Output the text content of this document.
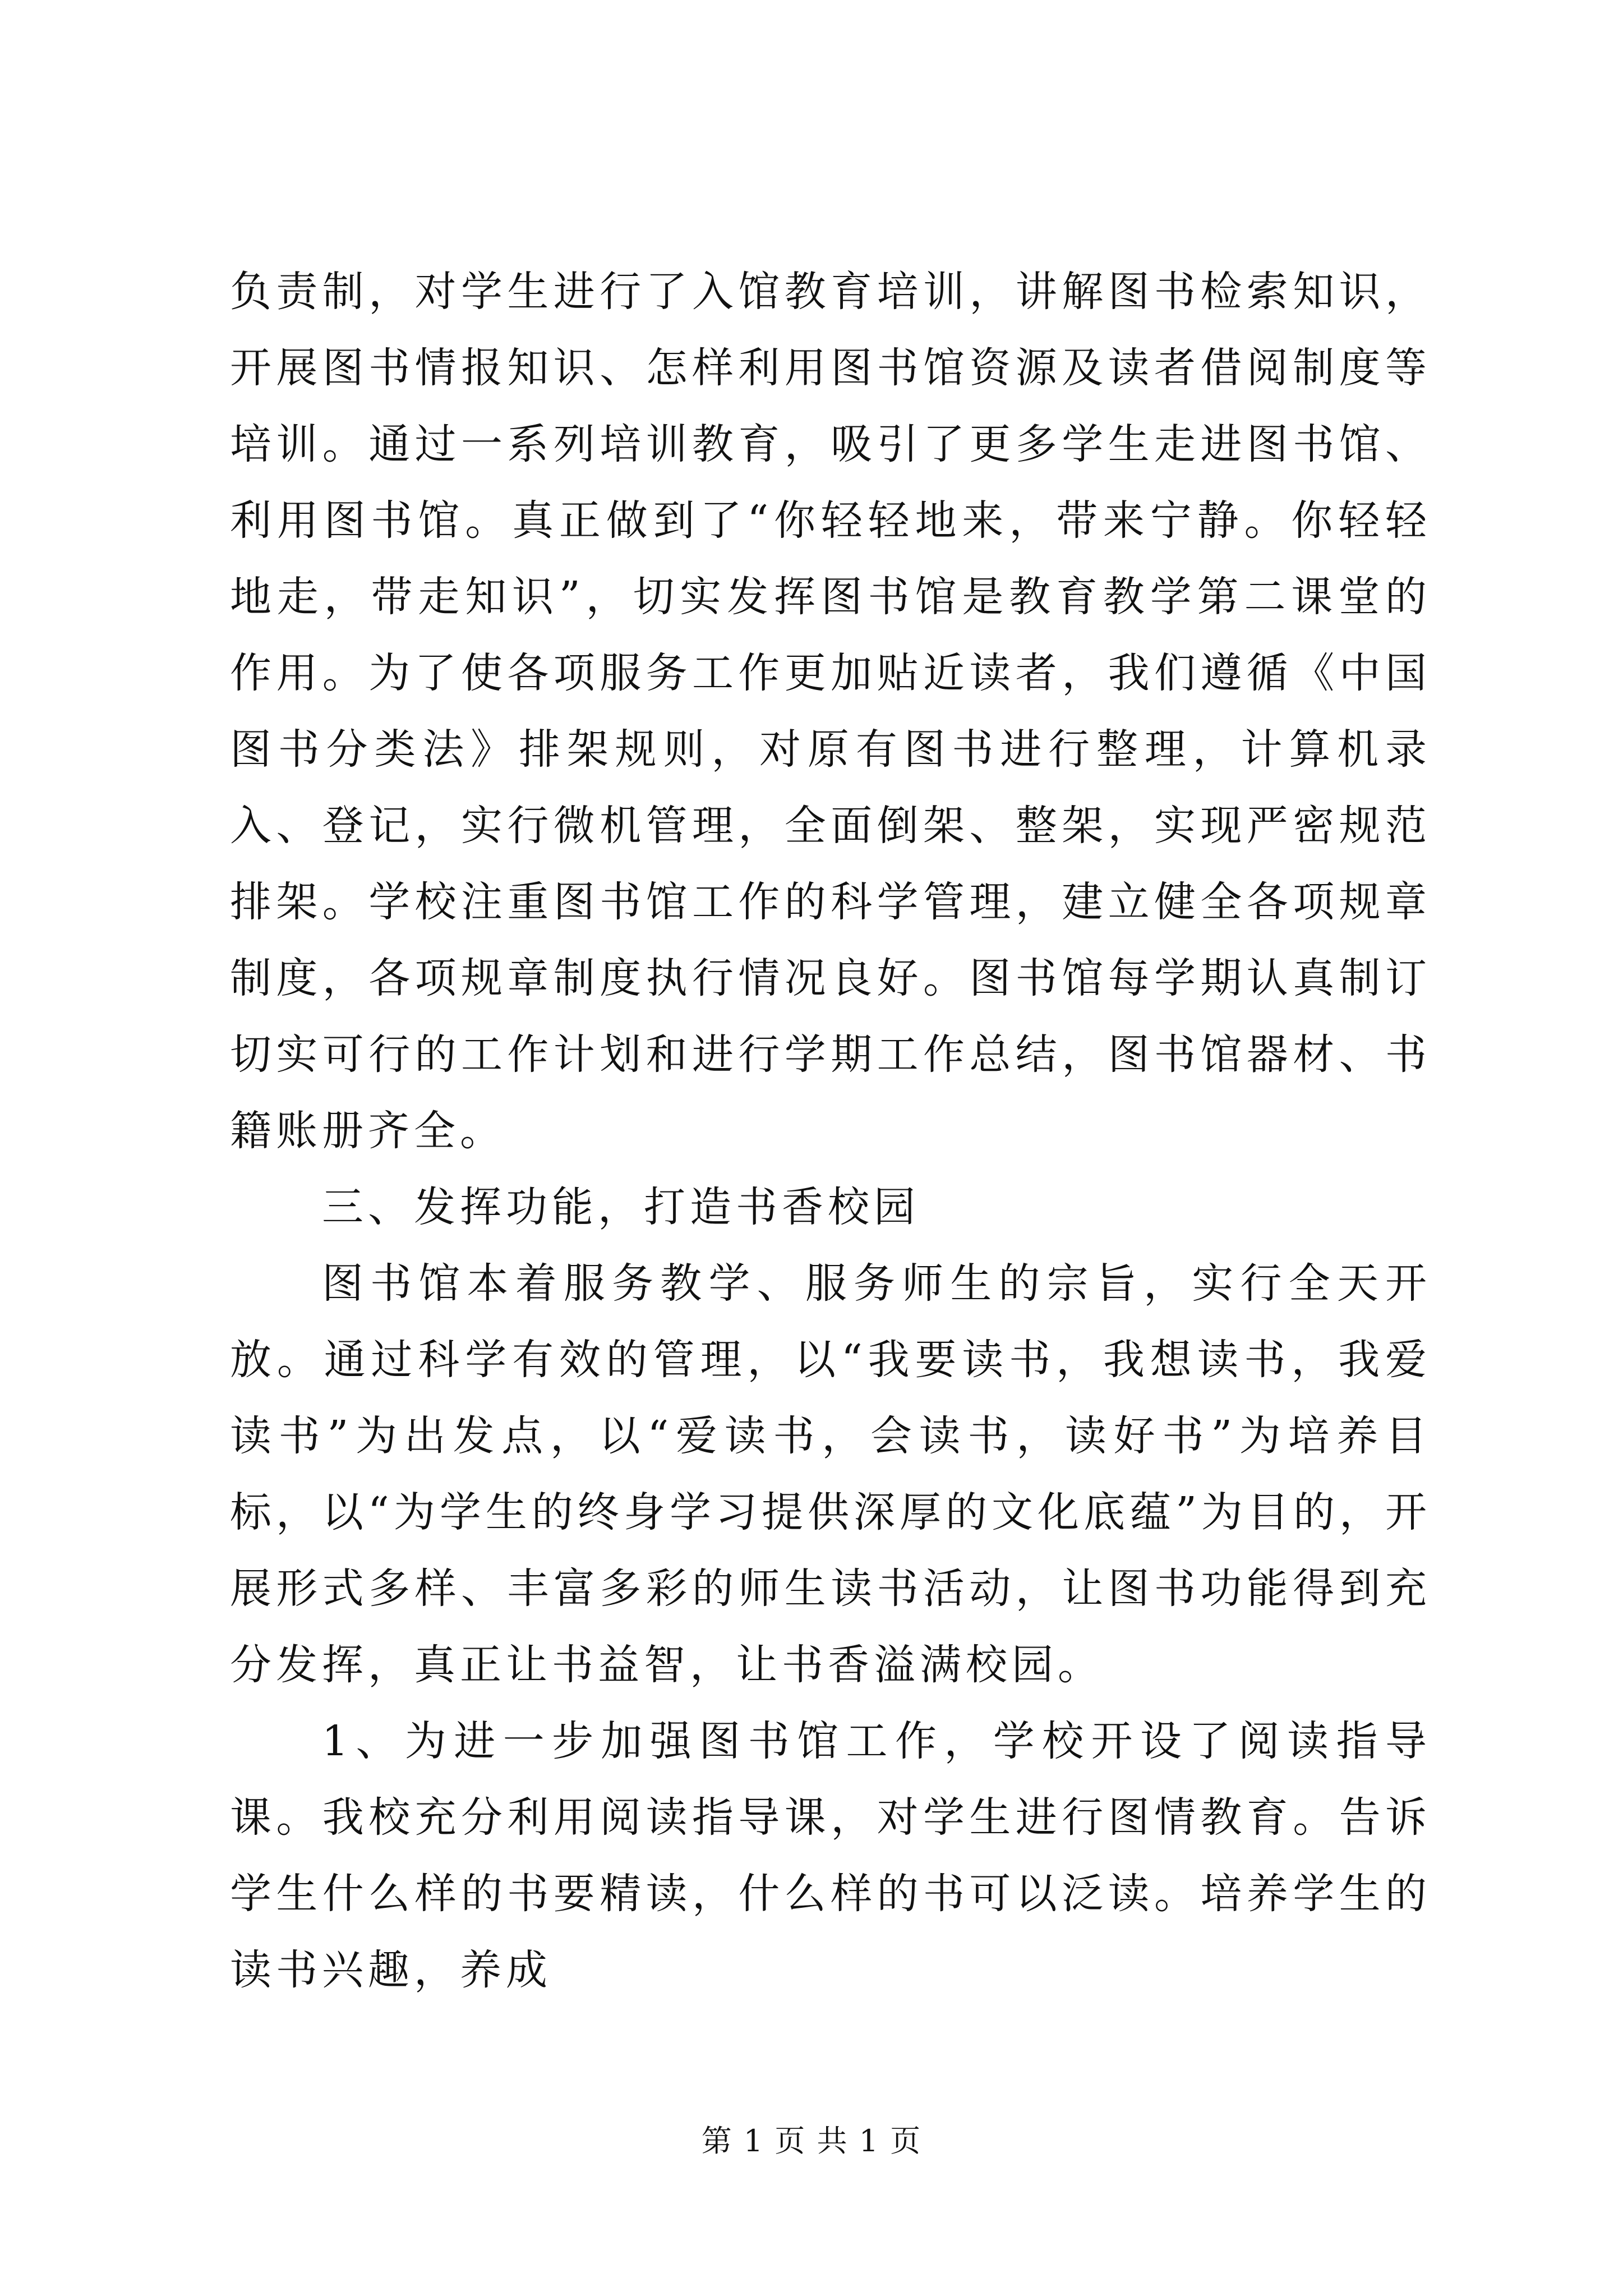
负责制，对学生进行了入馆教育培训，讲解图书检索知识，开展图书情报知识、怎样利用图书馆资源及读者借阅制度等培训。通过一系列培训教育，吸引了更多学生走进图书馆、利用图书馆。真正做到了“你轻轻地来，带来宁静。你轻轻地走，带走知识”，切实发挥图书馆是教育教学第二课堂的作用。为了使各项服务工作更加贴近读者，我们遵循《中国图书分类法》排架规则，对原有图书进行整理，计算机录入、登记，实行微机管理，全面倒架、整架，实现严密规范排架。学校注重图书馆工作的科学管理，建立健全各项规章制度，各项规章制度执行情况良好。图书馆每学期认真制订切实可行的工作计划和进行学期工作总结，图书馆器材、书籍账册齐全。

三、发挥功能，打造书香校园

图书馆本着服务教学、服务师生的宗旨，实行全天开放。通过科学有效的管理，以“我要读书，我想读书，我爱读书”为出发点，以“爱读书，会读书，读好书”为培养目标，以“为学生的终身学习提供深厚的文化底蕴”为目的，开展形式多样、丰富多彩的师生读书活动，让图书功能得到充分发挥，真正让书益智，让书香溢满校园。

1、为进一步加强图书馆工作，学校开设了阅读指导课。我校充分利用阅读指导课，对学生进行图情教育。告诉学生什么样的书要精读，什么样的书可以泛读。培养学生的读书兴趣，养成

第 1 页 共 1 页
